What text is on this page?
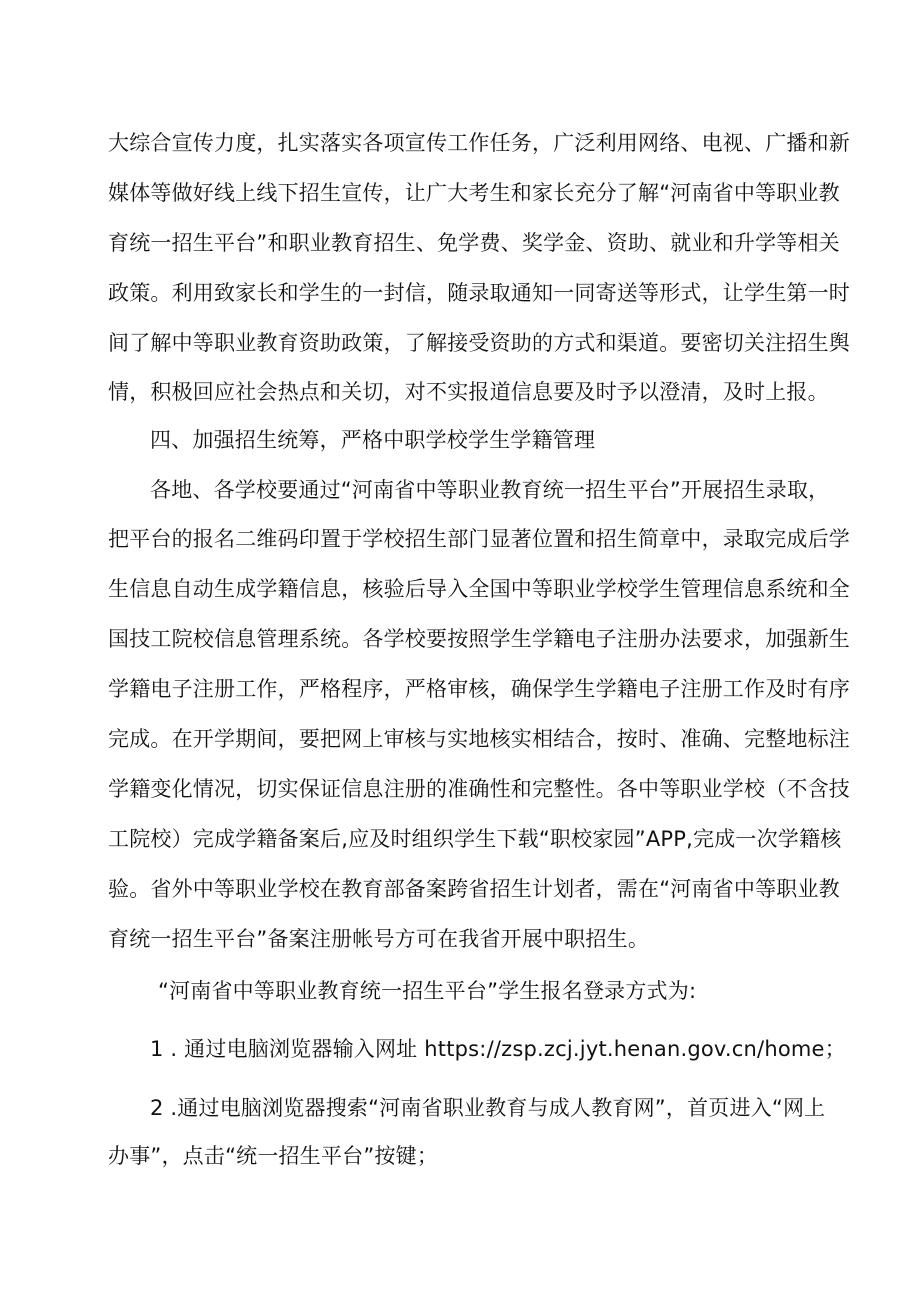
大综合宣传力度，扎实落实各项宣传工作任务，广泛利用网络、电视、广播和新

媒体等做好线上线下招生宣传，让广大考生和家长充分了解“河南省中等职业教

育统一招生平台”和职业教育招生、免学费、奖学金、资助、就业和升学等相关

政策。利用致家长和学生的一封信，随录取通知一同寄送等形式，让学生第一时

间了解中等职业教育资助政策，了解接受资助的方式和渠道。要密切关注招生舆

情，积极回应社会热点和关切，对不实报道信息要及时予以澄清，及时上报。

四、加强招生统筹，严格中职学校学生学籍管理

各地、各学校要通过“河南省中等职业教育统一招生平台”开展招生录取，

把平台的报名二维码印置于学校招生部门显著位置和招生简章中，录取完成后学

生信息自动生成学籍信息，核验后导入全国中等职业学校学生管理信息系统和全

国技工院校信息管理系统。各学校要按照学生学籍电子注册办法要求，加强新生

学籍电子注册工作，严格程序，严格审核，确保学生学籍电子注册工作及时有序

完成。在开学期间，要把网上审核与实地核实相结合，按时、准确、完整地标注

学籍变化情况，切实保证信息注册的准确性和完整性。各中等职业学校（不含技

工院校）完成学籍备案后,应及时组织学生下载“职校家园”APP,完成一次学籍核

验。省外中等职业学校在教育部备案跨省招生计划者，需在“河南省中等职业教

育统一招生平台”备案注册帐号方可在我省开展中职招生。

“河南省中等职业教育统一招生平台”学生报名登录方式为:

1 . 通过电脑浏览器输入网址 https://zsp.zcj.jyt.henan.gov.cn/home；

2 .通过电脑浏览器搜索“河南省职业教育与成人教育网”，首页进入“网上

办事”，点击“统一招生平台”按键；
